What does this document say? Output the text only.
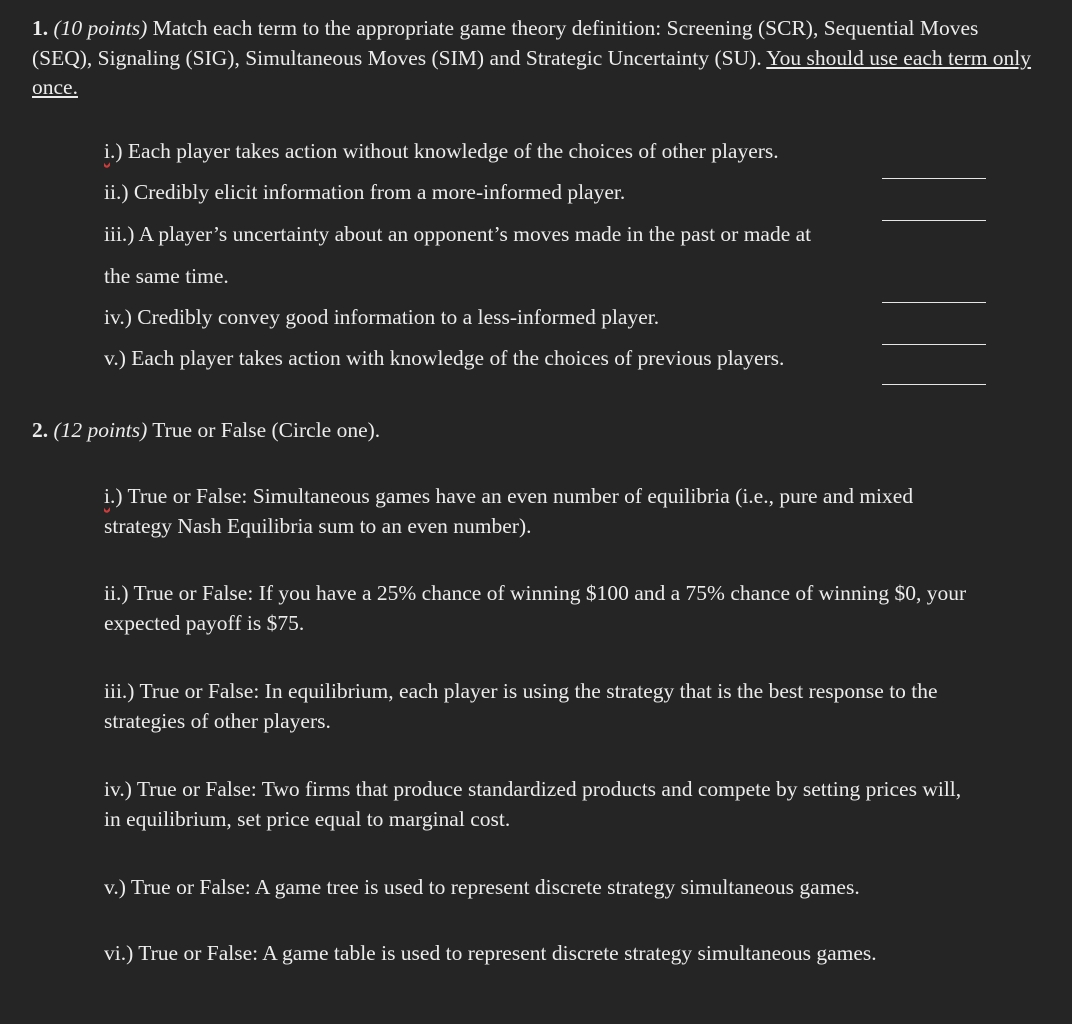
1. (10 points) Match each term to the appropriate game theory definition: Screening (SCR), Sequential Moves (SEQ), Signaling (SIG), Simultaneous Moves (SIM) and Strategic Uncertainty (SU). You should use each term only once.
i.) Each player takes action without knowledge of the choices of other players.
ii.) Credibly elicit information from a more-informed player.
iii.) A player’s uncertainty about an opponent’s moves made in the past or made at
the same time.
iv.) Credibly convey good information to a less-informed player.
v.) Each player takes action with knowledge of the choices of previous players.
2. (12 points) True or False (Circle one).
i.) True or False: Simultaneous games have an even number of equilibria (i.e., pure and mixed strategy Nash Equilibria sum to an even number).
ii.) True or False: If you have a 25% chance of winning $100 and a 75% chance of winning $0, your expected payoff is $75.
iii.) True or False: In equilibrium, each player is using the strategy that is the best response to the strategies of other players.
iv.) True or False: Two firms that produce standardized products and compete by setting prices will, in equilibrium, set price equal to marginal cost.
v.) True or False: A game tree is used to represent discrete strategy simultaneous games.
vi.) True or False: A game table is used to represent discrete strategy simultaneous games.
